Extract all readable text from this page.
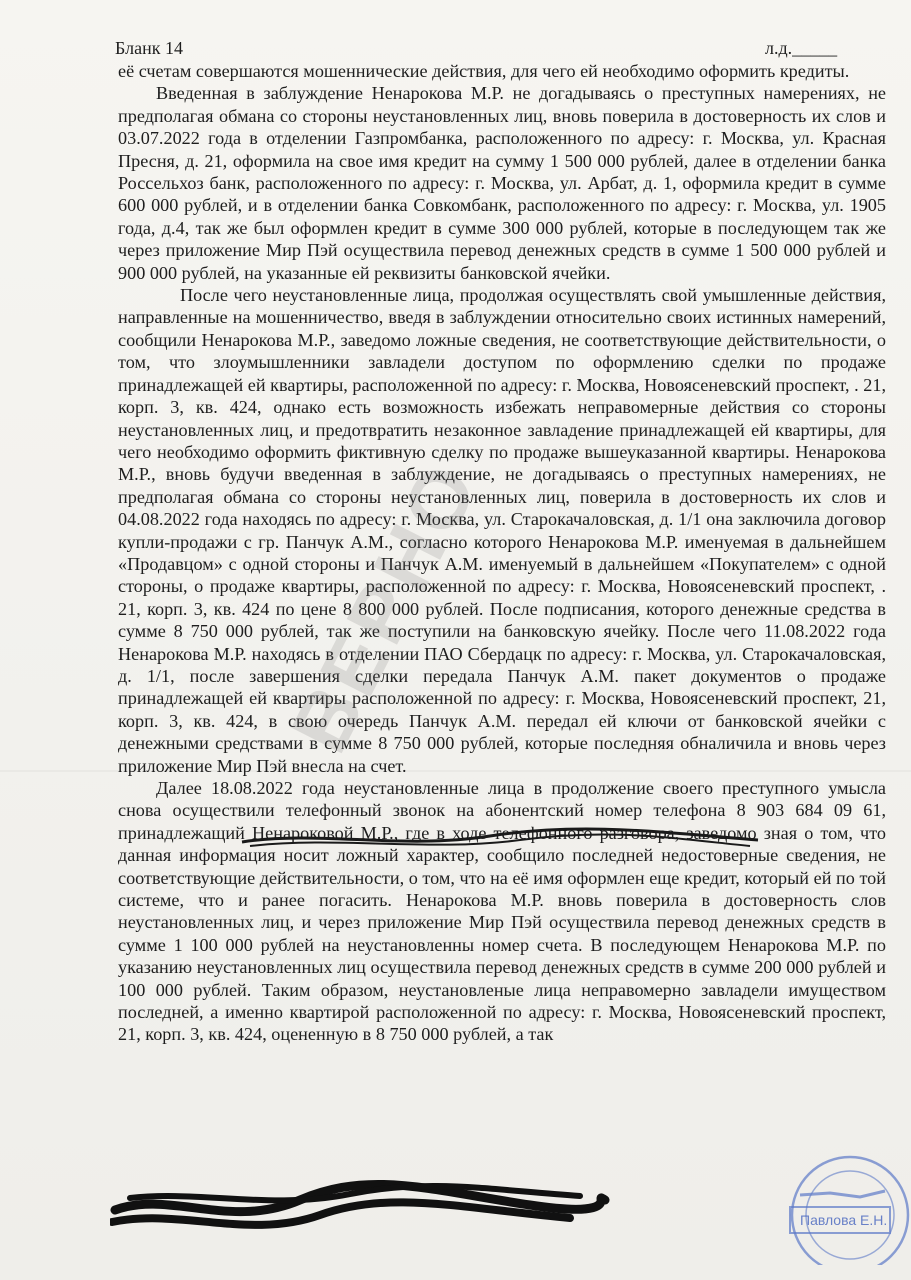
Бланк 14	л.д._____

её счетам совершаются мошеннические действия, для чего ей необходимо оформить кредиты.

Введенная в заблуждение Ненарокова М.Р. не догадываясь о преступных намерениях, не предполагая обмана со стороны неустановленных лиц, вновь поверила в достоверность их слов и 03.07.2022 года в отделении Газпромбанка, расположенного по адресу: г. Москва, ул. Красная Пресня, д. 21, оформила на свое имя кредит на сумму 1 500 000 рублей, далее в отделении банка Россельхоз банк, расположенного по адресу: г. Москва, ул. Арбат, д. 1, оформила кредит в сумме 600 000 рублей, и в отделении банка Совкомбанк, расположенного по адресу: г. Москва, ул. 1905 года, д.4, так же был оформлен кредит в сумме 300 000 рублей, которые в последующем так же через приложение Мир Пэй осуществила перевод денежных средств в сумме 1 500 000 рублей и 900 000 рублей, на указанные ей реквизиты банковской ячейки.

После чего неустановленные лица, продолжая осуществлять свой умышленные действия, направленные на мошенничество, введя в заблуждении относительно своих истинных намерений, сообщили Ненарокова М.Р., заведомо ложные сведения, не соответствующие действительности, о том, что злоумышленники завладели доступом по оформлению сделки по продаже принадлежащей ей квартиры, расположенной по адресу: г. Москва, Новоясеневский проспект, . 21, корп. 3, кв. 424, однако есть возможность избежать неправомерные действия со стороны неустановленных лиц, и предотвратить незаконное завладение принадлежащей ей квартиры, для чего необходимо оформить фиктивную сделку по продаже вышеуказанной квартиры. Ненарокова М.Р., вновь будучи введенная в заблуждение, не догадываясь о преступных намерениях, не предполагая обмана со стороны неустановленных лиц, поверила в достоверность их слов и 04.08.2022 года находясь по адресу: г. Москва, ул. Старокачаловская, д. 1/1 она заключила договор купли-продажи с гр. Панчук А.М., согласно которого Ненарокова М.Р. именуемая в дальнейшем «Продавцом» с одной стороны и Панчук А.М. именуемый в дальнейшем «Покупателем» с одной стороны, о продаже квартиры, расположенной по адресу: г. Москва, Новоясеневский проспект, . 21, корп. 3, кв. 424 по цене 8 800 000 рублей. После подписания, которого денежные средства в сумме 8 750 000 рублей, так же поступили на банковскую ячейку. После чего 11.08.2022 года Ненарокова М.Р. находясь в отделении ПАО Сбердацк по адресу: г. Москва, ул. Старокачаловская, д. 1/1, после завершения сделки передала Панчук А.М. пакет документов о продаже принадлежащей ей квартиры расположенной по адресу: г. Москва, Новоясеневский проспект, 21, корп. 3, кв. 424, в свою очередь Панчук А.М. передал ей ключи от банковской ячейки с денежными средствами в сумме 8 750 000 рублей, которые последняя обналичила и вновь через приложение Мир Пэй внесла на счет.

Далее 18.08.2022 года неустановленные лица в продолжение своего преступного умысла снова осуществили телефонный звонок на абонентский номер телефона 8 903 684 09 61, принадлежащий Ненароковой М.Р., где в ходе телефонного разговора, заведомо зная о том, что данная информация носит ложный характер, сообщило последней недостоверные сведения, не соответствующие действительности, о том, что на её имя оформлен еще кредит, который ей по той системе, что и ранее погасить. Ненарокова М.Р. вновь поверила в достоверность слов неустановленных лиц, и через приложение Мир Пэй осуществила перевод денежных средств в сумме 1 100 000 рублей на неустановленны номер счета. В последующем Ненарокова М.Р. по указанию неустановленных лиц осуществила перевод денежных средств в сумме 200 000 рублей и 100 000 рублей. Таким образом, неустановленые лица неправомерно завладели имуществом последней, а именно квартирой расположенной по адресу: г. Москва, Новоясеневский проспект, 21, корп. 3, кв. 424, оцененную в 8 750 000 рублей, а так

ВЕРНО
Павлова Е.Н.
